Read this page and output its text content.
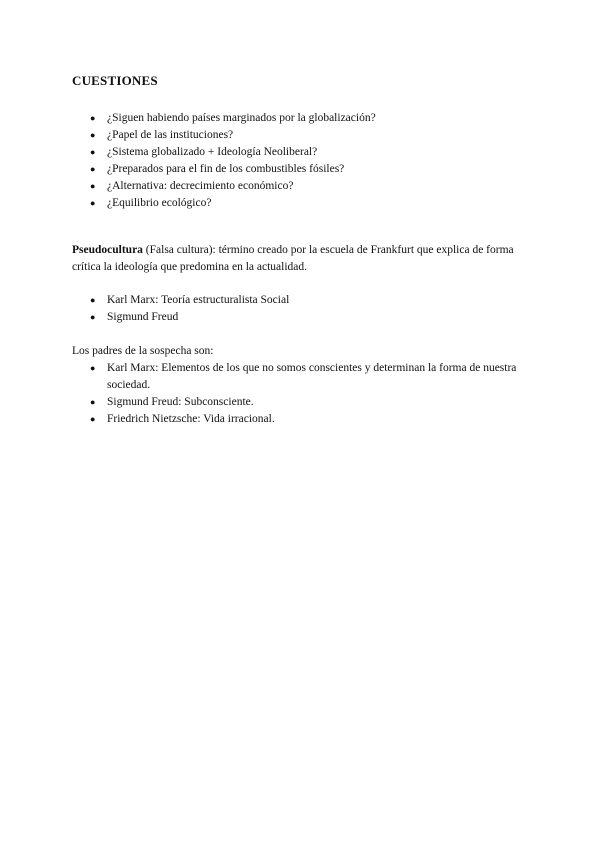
CUESTIONES
● ¿Siguen habiendo países marginados por la globalización?
● ¿Papel de las instituciones?
● ¿Sistema globalizado + Ideología Neoliberal?
● ¿Preparados para el fin de los combustibles fósiles?
● ¿Alternativa: decrecimiento económico?
● ¿Equilibrio ecológico?

Pseudocultura (Falsa cultura): término creado por la escuela de Frankfurt que explica de forma crítica la ideología que predomina en la actualidad.

● Karl Marx: Teoría estructuralista Social
● Sigmund Freud

Los padres de la sospecha son:

● Karl Marx: Elementos de los que no somos conscientes y determinan la forma de nuestra sociedad.
● Sigmund Freud: Subconsciente.
● Friedrich Nietzsche: Vida irracional.
